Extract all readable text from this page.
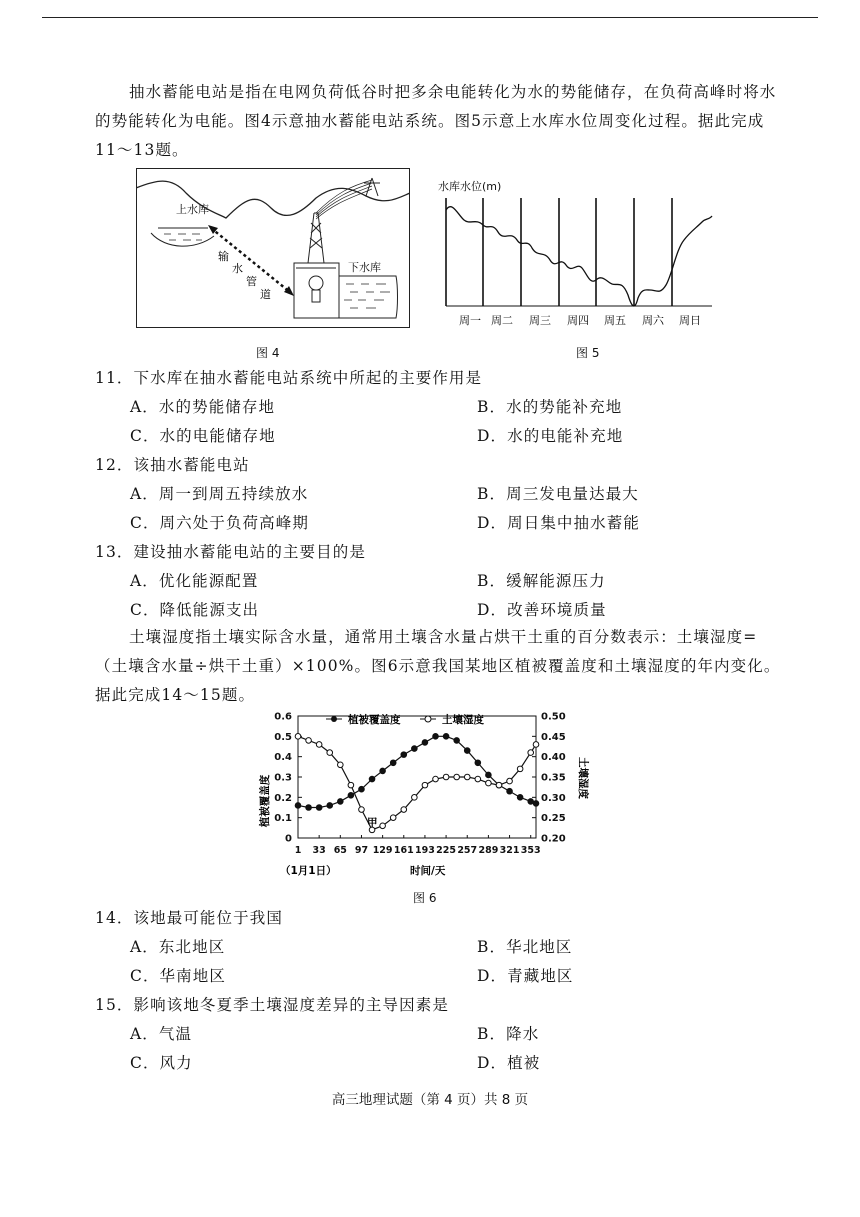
抽水蓄能电站是指在电网负荷低谷时把多余电能转化为水的势能储存，在负荷高峰时将水的势能转化为电能。图4示意抽水蓄能电站系统。图5示意上水库水位周变化过程。据此完成11～13题。
上水库
输
水
管
道
下水库
水库水位(m)
周一 周二 周三 周四 周五 周六 周日
图 4	图 5
11．下水库在抽水蓄能电站系统中所起的主要作用是
A．水的势能储存地	B．水的势能补充地
C．水的电能储存地	D．水的电能补充地
12．该抽水蓄能电站
A．周一到周五持续放水	B．周三发电量达最大
C．周六处于负荷高峰期	D．周日集中抽水蓄能
13．建设抽水蓄能电站的主要目的是
A．优化能源配置	B．缓解能源压力
C．降低能源支出	D．改善环境质量
土壤湿度指土壤实际含水量，通常用土壤含水量占烘干土重的百分数表示：土壤湿度=（土壤含水量÷烘干土重）×100%。图6示意我国某地区植被覆盖度和土壤湿度的年内变化。据此完成14～15题。
0
0.1
0.2
0.3
0.4
0.5
0.6
0.20
0.25
0.30
0.35
0.40
0.45
0.50
1 33 65 97 129 161 193 225 257 289 321 353
植被覆盖度	土壤湿度
植被覆盖度	土壤湿度
甲
（1月1日）	时间/天
图 6
14．该地最可能位于我国
A．东北地区	B．华北地区
C．华南地区	D．青藏地区
15．影响该地冬夏季土壤湿度差异的主导因素是
A．气温	B．降水
C．风力	D．植被
高三地理试题（第 4 页）共 8 页
